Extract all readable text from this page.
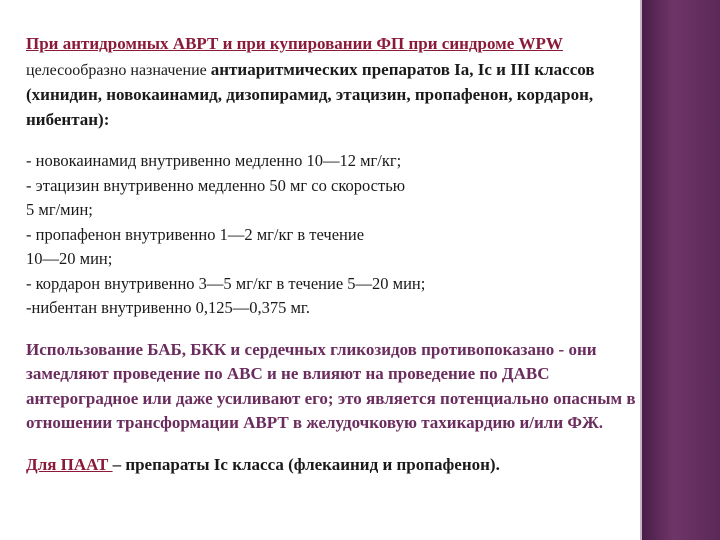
При антидромных АВРТ и при купировании ФП при синдроме WPW целесообразно назначение антиаритмических препаратов Ia, Ic и III классов (хинидин, новокаинамид, дизопирамид, этацизин, пропафенон, кордарон, нибентан):

- новокаинамид внутривенно медленно 10—12 мг/кг;
- этацизин внутривенно медленно 50 мг со скоростью
5 мг/мин;
- пропафенон внутривенно 1—2 мг/кг в течение
10—20 мин;
- кордарон внутривенно 3—5 мг/кг в течение 5—20 мин;
-нибентан внутривенно 0,125—0,375 мг.

Использование БАБ, БКК и сердечных гликозидов противопоказано - они замедляют проведение по АВС и не влияют на проведение по ДАВС антероградное или даже усиливают его; это является потенциально опасным в отношении трансформации АВРТ в желудочковую тахикардию и/или ФЖ.

Для ПААТ – препараты Ic класса (флекаинид и пропафенон).
